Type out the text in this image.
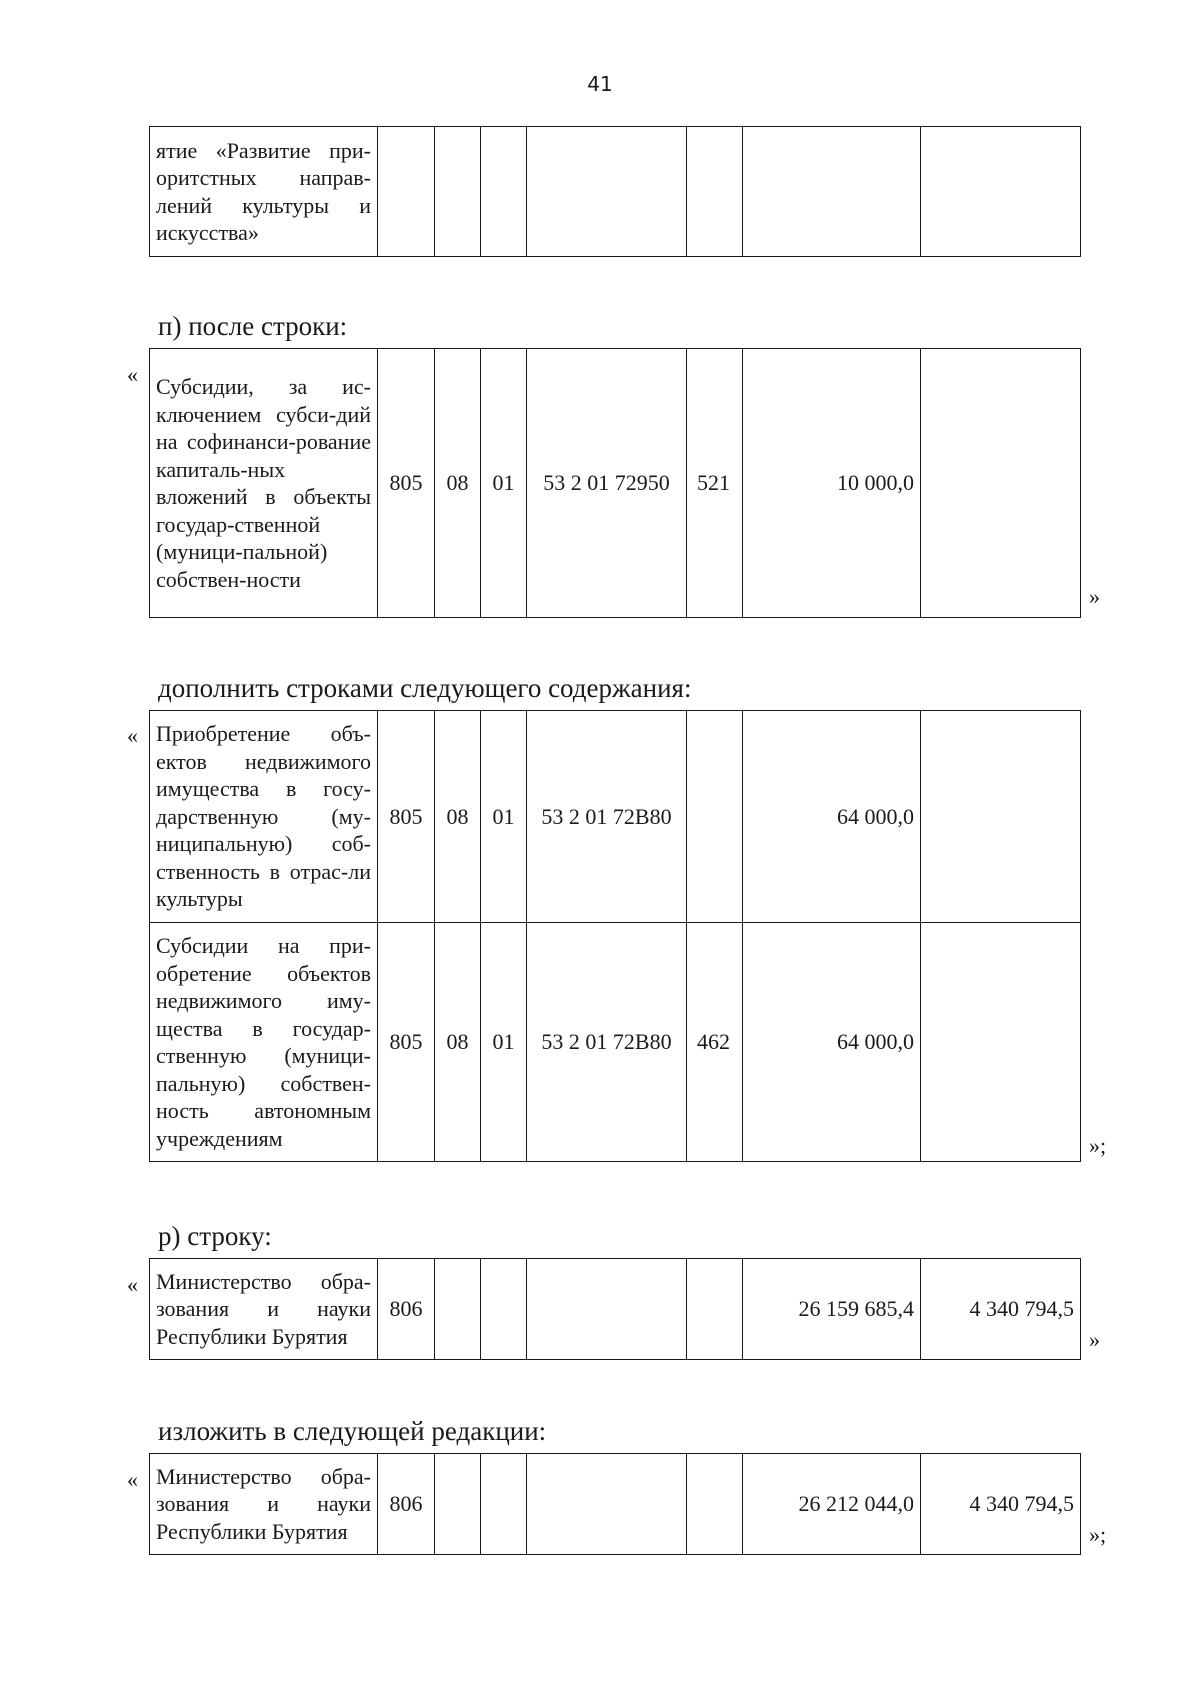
41
ятие «Развитие при-оритстных направ-лений культуры и искусства»							
п) после строки:
« Субсидии, за ис-ключением субси-дий на софинанси-рование капиталь-ных вложений в объекты государ-ственной (муници-пальной) собствен-ности	805	08	01	53 2 01 72950	521	10 000,0	
»
дополнить строками следующего содержания:
« Приобретение объ-ектов недвижимого имущества в госу-дарственную (му-ниципальную) соб-ственность в отрас-ли культуры	805	08	01	53 2 01 72В80		64 000,0	
Субсидии на при-обретение объектов недвижимого иму-щества в государ-ственную (муници-пальную) собствен-ность автономным учреждениям	805	08	01	53 2 01 72В80	462	64 000,0	
»;
р) строку:
« Министерство обра-зования и науки Республики Бурятия	806					26 159 685,4	4 340 794,5
»
изложить в следующей редакции:
« Министерство обра-зования и науки Республики Бурятия	806					26 212 044,0	4 340 794,5
»;
